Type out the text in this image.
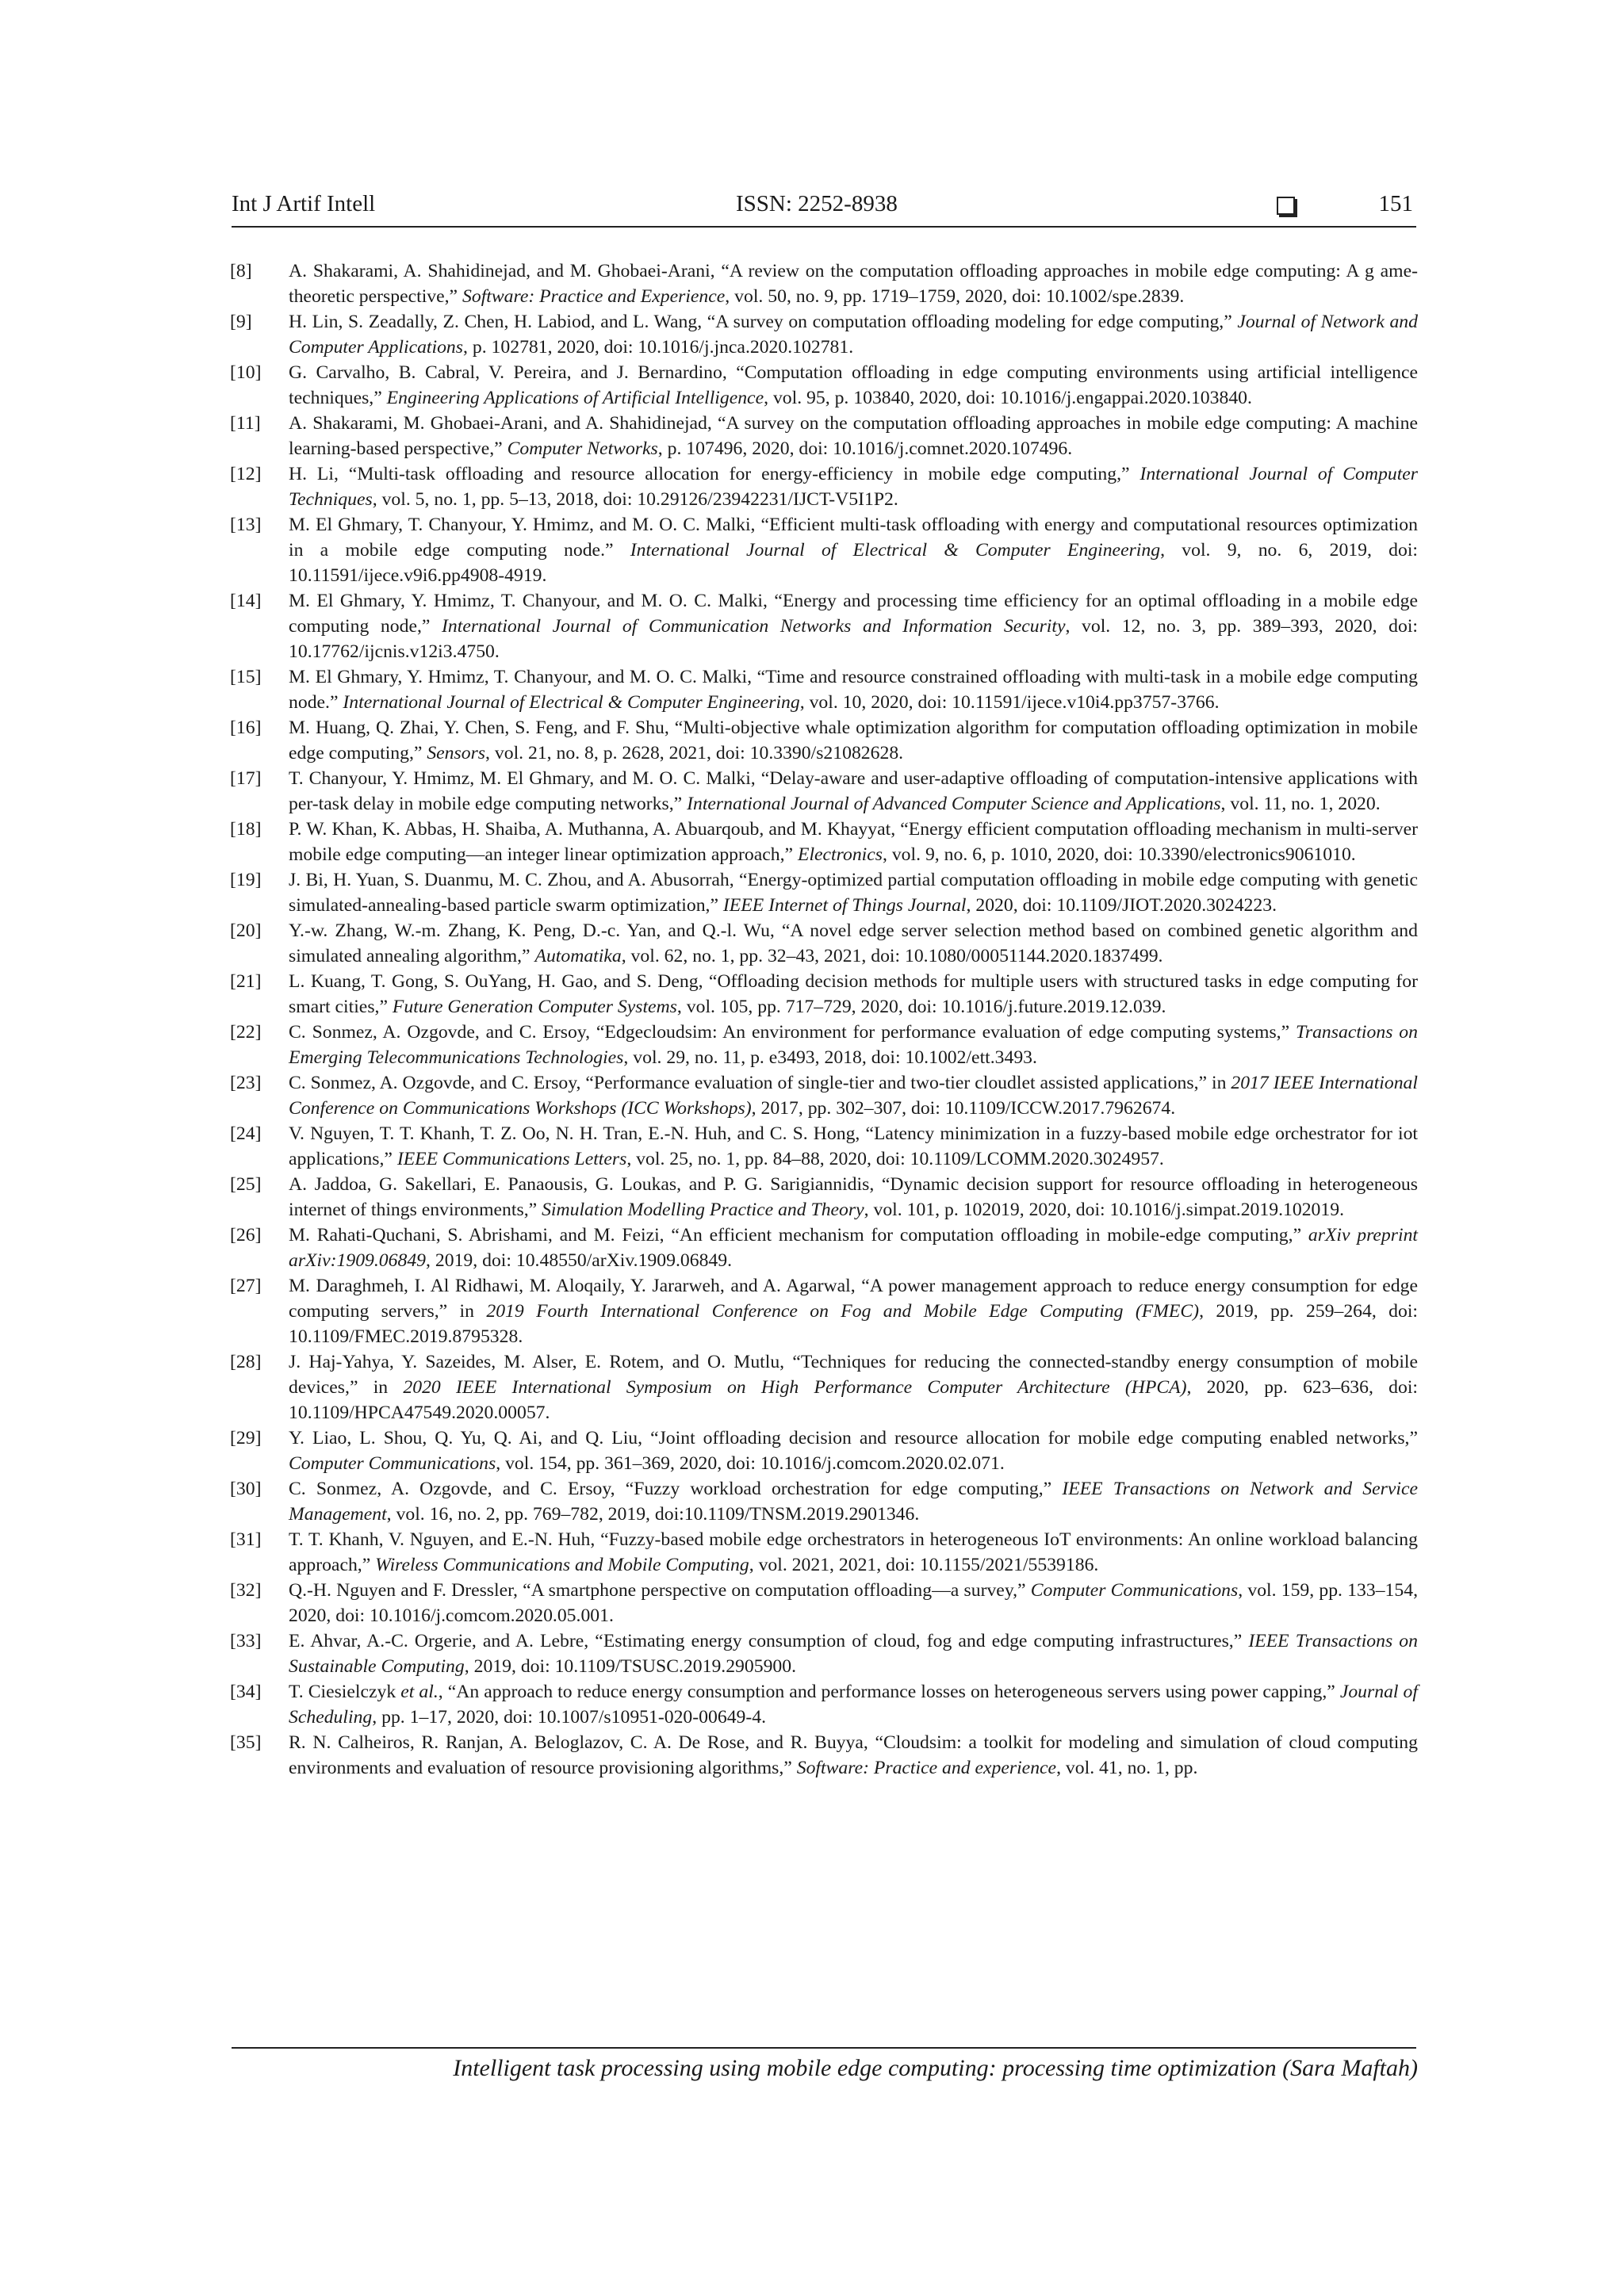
Int J Artif Intell	ISSN: 2252-8938	151
[8]	A. Shakarami, A. Shahidinejad, and M. Ghobaei-Arani, “A review on the computation offloading approaches in mobile edge computing: A g ame-theoretic perspective,” Software: Practice and Experience, vol. 50, no. 9, pp. 1719–1759, 2020, doi: 10.1002/spe.2839.
[9]	H. Lin, S. Zeadally, Z. Chen, H. Labiod, and L. Wang, “A survey on computation offloading modeling for edge computing,” Journal of Network and Computer Applications, p. 102781, 2020, doi: 10.1016/j.jnca.2020.102781.
[10]	G. Carvalho, B. Cabral, V. Pereira, and J. Bernardino, “Computation offloading in edge computing environments using artificial intelligence techniques,” Engineering Applications of Artificial Intelligence, vol. 95, p. 103840, 2020, doi: 10.1016/j.engappai.2020.103840.
[11]	A. Shakarami, M. Ghobaei-Arani, and A. Shahidinejad, “A survey on the computation offloading approaches in mobile edge computing: A machine learning-based perspective,” Computer Networks, p. 107496, 2020, doi: 10.1016/j.comnet.2020.107496.
[12]	H. Li, “Multi-task offloading and resource allocation for energy-efficiency in mobile edge computing,” International Journal of Computer Techniques, vol. 5, no. 1, pp. 5–13, 2018, doi: 10.29126/23942231/IJCT-V5I1P2.
[13]	M. El Ghmary, T. Chanyour, Y. Hmimz, and M. O. C. Malki, “Efficient multi-task offloading with energy and computational resources optimization in a mobile edge computing node.” International Journal of Electrical & Computer Engineering, vol. 9, no. 6, 2019, doi: 10.11591/ijece.v9i6.pp4908-4919.
[14]	M. El Ghmary, Y. Hmimz, T. Chanyour, and M. O. C. Malki, “Energy and processing time efficiency for an optimal offloading in a mobile edge computing node,” International Journal of Communication Networks and Information Security, vol. 12, no. 3, pp. 389–393, 2020, doi: 10.17762/ijcnis.v12i3.4750.
[15]	M. El Ghmary, Y. Hmimz, T. Chanyour, and M. O. C. Malki, “Time and resource constrained offloading with multi-task in a mobile edge computing node.” International Journal of Electrical & Computer Engineering, vol. 10, 2020, doi: 10.11591/ijece.v10i4.pp3757-3766.
[16]	M. Huang, Q. Zhai, Y. Chen, S. Feng, and F. Shu, “Multi-objective whale optimization algorithm for computation offloading optimization in mobile edge computing,” Sensors, vol. 21, no. 8, p. 2628, 2021, doi: 10.3390/s21082628.
[17]	T. Chanyour, Y. Hmimz, M. El Ghmary, and M. O. C. Malki, “Delay-aware and user-adaptive offloading of computation-intensive applications with per-task delay in mobile edge computing networks,” International Journal of Advanced Computer Science and Applications, vol. 11, no. 1, 2020.
[18]	P. W. Khan, K. Abbas, H. Shaiba, A. Muthanna, A. Abuarqoub, and M. Khayyat, “Energy efficient computation offloading mechanism in multi-server mobile edge computing—an integer linear optimization approach,” Electronics, vol. 9, no. 6, p. 1010, 2020, doi: 10.3390/electronics9061010.
[19]	J. Bi, H. Yuan, S. Duanmu, M. C. Zhou, and A. Abusorrah, “Energy-optimized partial computation offloading in mobile edge computing with genetic simulated-annealing-based particle swarm optimization,” IEEE Internet of Things Journal, 2020, doi: 10.1109/JIOT.2020.3024223.
[20]	Y.-w. Zhang, W.-m. Zhang, K. Peng, D.-c. Yan, and Q.-l. Wu, “A novel edge server selection method based on combined genetic algorithm and simulated annealing algorithm,” Automatika, vol. 62, no. 1, pp. 32–43, 2021, doi: 10.1080/00051144.2020.1837499.
[21]	L. Kuang, T. Gong, S. OuYang, H. Gao, and S. Deng, “Offloading decision methods for multiple users with structured tasks in edge computing for smart cities,” Future Generation Computer Systems, vol. 105, pp. 717–729, 2020, doi: 10.1016/j.future.2019.12.039.
[22]	C. Sonmez, A. Ozgovde, and C. Ersoy, “Edgecloudsim: An environment for performance evaluation of edge computing systems,” Transactions on Emerging Telecommunications Technologies, vol. 29, no. 11, p. e3493, 2018, doi: 10.1002/ett.3493.
[23]	C. Sonmez, A. Ozgovde, and C. Ersoy, “Performance evaluation of single-tier and two-tier cloudlet assisted applications,” in 2017 IEEE International Conference on Communications Workshops (ICC Workshops), 2017, pp. 302–307, doi: 10.1109/ICCW.2017.7962674.
[24]	V. Nguyen, T. T. Khanh, T. Z. Oo, N. H. Tran, E.-N. Huh, and C. S. Hong, “Latency minimization in a fuzzy-based mobile edge orchestrator for iot applications,” IEEE Communications Letters, vol. 25, no. 1, pp. 84–88, 2020, doi: 10.1109/LCOMM.2020.3024957.
[25]	A. Jaddoa, G. Sakellari, E. Panaousis, G. Loukas, and P. G. Sarigiannidis, “Dynamic decision support for resource offloading in heterogeneous internet of things environments,” Simulation Modelling Practice and Theory, vol. 101, p. 102019, 2020, doi: 10.1016/j.simpat.2019.102019.
[26]	M. Rahati-Quchani, S. Abrishami, and M. Feizi, “An efficient mechanism for computation offloading in mobile-edge computing,” arXiv preprint arXiv:1909.06849, 2019, doi: 10.48550/arXiv.1909.06849.
[27]	M. Daraghmeh, I. Al Ridhawi, M. Aloqaily, Y. Jararweh, and A. Agarwal, “A power management approach to reduce energy consumption for edge computing servers,” in 2019 Fourth International Conference on Fog and Mobile Edge Computing (FMEC), 2019, pp. 259–264, doi: 10.1109/FMEC.2019.8795328.
[28]	J. Haj-Yahya, Y. Sazeides, M. Alser, E. Rotem, and O. Mutlu, “Techniques for reducing the connected-standby energy consumption of mobile devices,” in 2020 IEEE International Symposium on High Performance Computer Architecture (HPCA), 2020, pp. 623–636, doi: 10.1109/HPCA47549.2020.00057.
[29]	Y. Liao, L. Shou, Q. Yu, Q. Ai, and Q. Liu, “Joint offloading decision and resource allocation for mobile edge computing enabled networks,” Computer Communications, vol. 154, pp. 361–369, 2020, doi: 10.1016/j.comcom.2020.02.071.
[30]	C. Sonmez, A. Ozgovde, and C. Ersoy, “Fuzzy workload orchestration for edge computing,” IEEE Transactions on Network and Service Management, vol. 16, no. 2, pp. 769–782, 2019, doi:10.1109/TNSM.2019.2901346.
[31]	T. T. Khanh, V. Nguyen, and E.-N. Huh, “Fuzzy-based mobile edge orchestrators in heterogeneous IoT environments: An online workload balancing approach,” Wireless Communications and Mobile Computing, vol. 2021, 2021, doi: 10.1155/2021/5539186.
[32]	Q.-H. Nguyen and F. Dressler, “A smartphone perspective on computation offloading—a survey,” Computer Communications, vol. 159, pp. 133–154, 2020, doi: 10.1016/j.comcom.2020.05.001.
[33]	E. Ahvar, A.-C. Orgerie, and A. Lebre, “Estimating energy consumption of cloud, fog and edge computing infrastructures,” IEEE Transactions on Sustainable Computing, 2019, doi: 10.1109/TSUSC.2019.2905900.
[34]	T. Ciesielczyk et al., “An approach to reduce energy consumption and performance losses on heterogeneous servers using power capping,” Journal of Scheduling, pp. 1–17, 2020, doi: 10.1007/s10951-020-00649-4.
[35]	R. N. Calheiros, R. Ranjan, A. Beloglazov, C. A. De Rose, and R. Buyya, “Cloudsim: a toolkit for modeling and simulation of cloud computing environments and evaluation of resource provisioning algorithms,” Software: Practice and experience, vol. 41, no. 1, pp.
Intelligent task processing using mobile edge computing: processing time optimization (Sara Maftah)
